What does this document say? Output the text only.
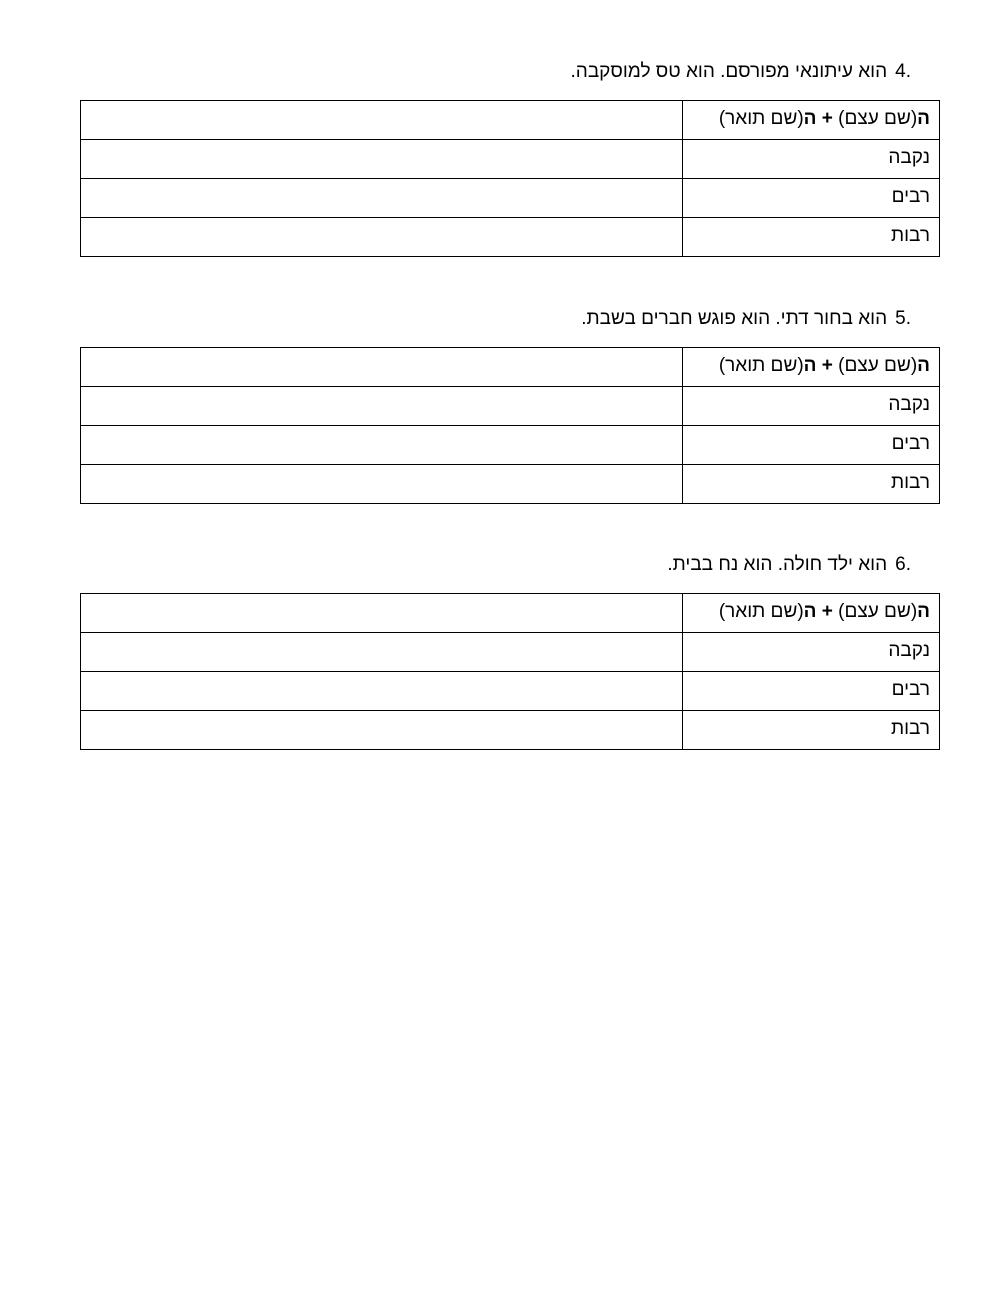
.4הוא עיתונאי מפורסם. הוא טס למוסקבה.
ה(שם עצם) + ה(שם תואר)	
נקבה	
רבים	
רבות	
.5הוא בחור דתי. הוא פוגש חברים בשבת.
ה(שם עצם) + ה(שם תואר)	
נקבה	
רבים	
רבות	
.6הוא ילד חולה. הוא נח בבית.
ה(שם עצם) + ה(שם תואר)	
נקבה	
רבים	
רבות	
